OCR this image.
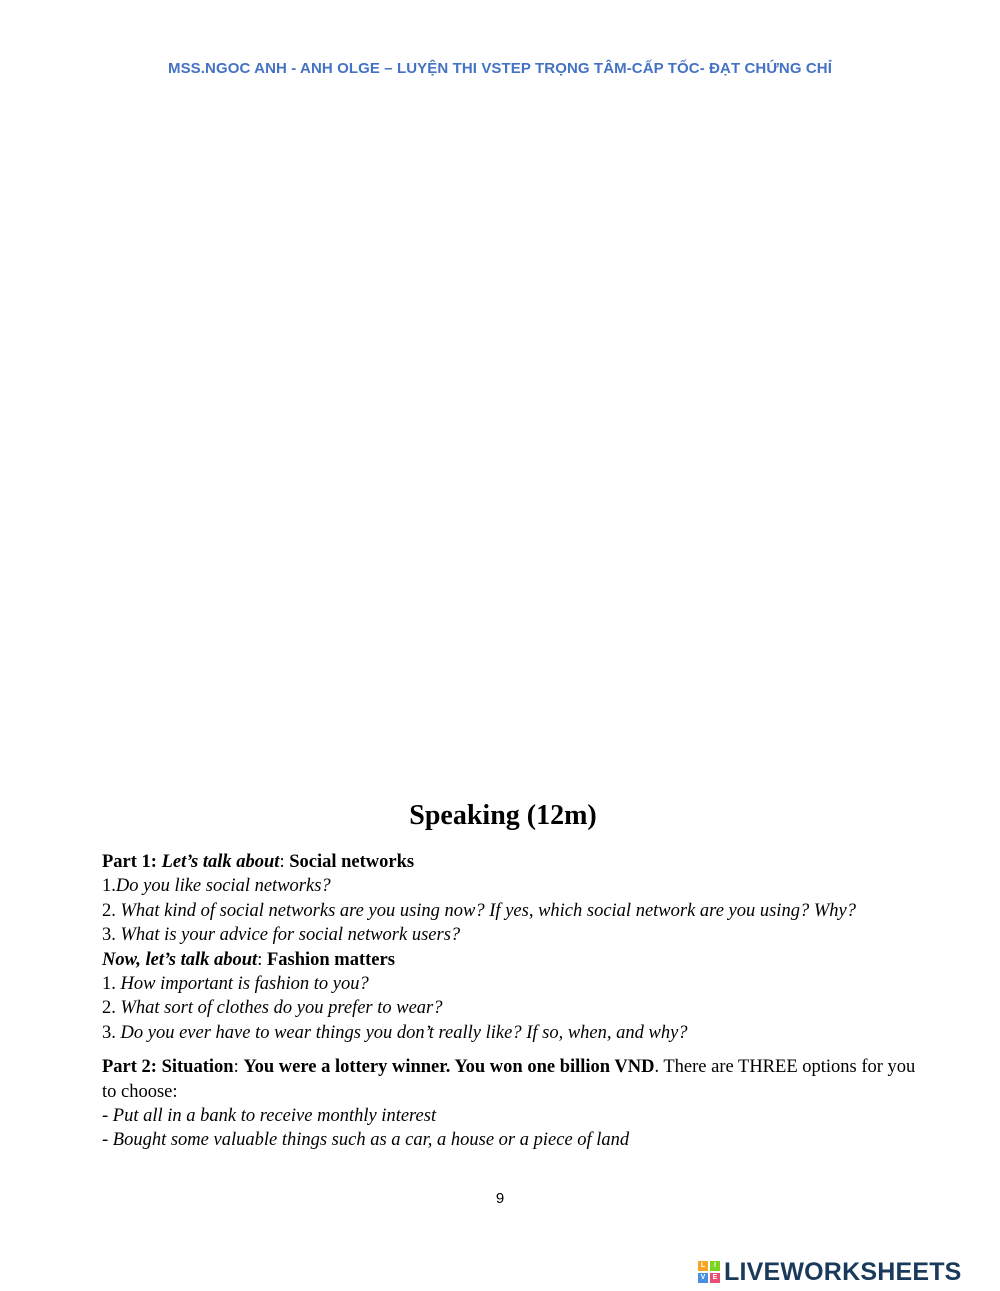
MSS.NGOC ANH - ANH OLGE – LUYỆN THI VSTEP TRỌNG TÂM-CẤP TỐC- ĐẠT CHỨNG CHỈ
Speaking (12m)

Part 1: Let’s talk about: Social networks

1.Do you like social networks?

2. What kind of social networks are you using now? If yes, which social network are you using? Why?

3. What is your advice for social network users?

Now, let’s talk about: Fashion matters

1. How important is fashion to you?

2. What sort of clothes do you prefer to wear?

3. Do you ever have to wear things you don’t really like? If so, when, and why?

Part 2: Situation: You were a lottery winner. You won one billion VND. There are THREE options for you to choose:

- Put all in a bank to receive monthly interest

- Bought some valuable things such as a car, a house or a piece of land

9
L	I
V	E LIVEWORKSHEETS
